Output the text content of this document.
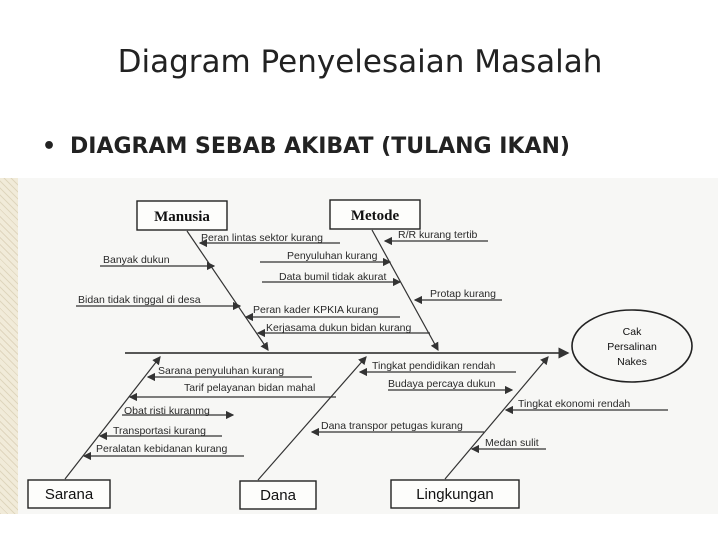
Diagram Penyelesaian Masalah
• DIAGRAM SEBAB AKIBAT (TULANG IKAN)
Cak
Persalinan
Nakes
Manusia	Metode
Sarana	Dana	Lingkungan
Peran lintas sektor kurang
Banyak dukun
Bidan tidak tinggal di desa
Peran kader KPKIA kurang
Kerjasama dukun bidan kurang
R/R kurang tertib
Penyuluhan kurang
Data bumil tidak akurat
Protap kurang
Sarana penyuluhan kurang
Tarif pelayanan bidan mahal
Obat risti kuranmg
Transportasi kurang
Peralatan kebidanan kurang
Dana transpor petugas kurang
Tingkat pendidikan rendah
Budaya percaya dukun
Tingkat ekonomi rendah
Medan sulit
